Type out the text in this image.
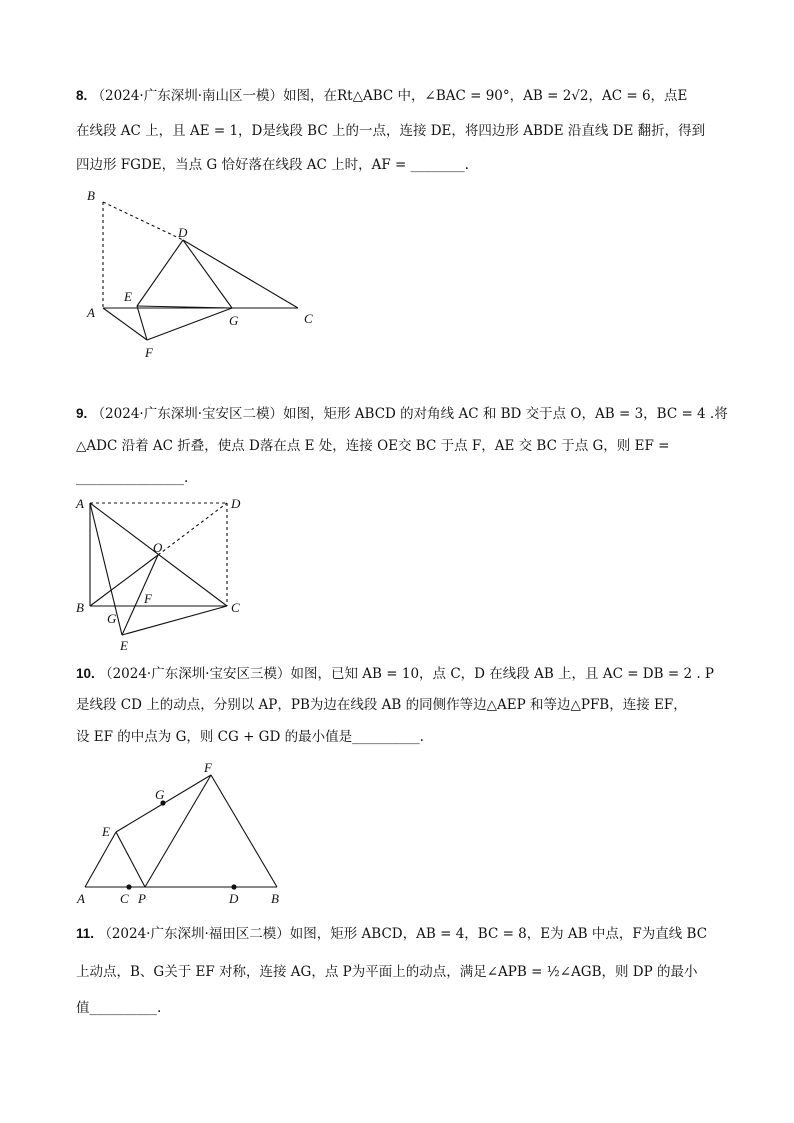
8. （2024·广东深圳·南山区一模）如图，在Rt△ABC 中，∠BAC = 90°，AB = 2√2，AC = 6，点E
在线段 AC 上，且 AE = 1，D是线段 BC 上的一点，连接 DE，将四边形 ABDE 沿直线 DE 翻折，得到
四边形 FGDE，当点 G 恰好落在线段 AC 上时，AF = ________.
B
D
E
A
G	C
F
9. （2024·广东深圳·宝安区二模）如图，矩形 ABCD 的对角线 AC 和 BD 交于点 O，AB = 3，BC = 4 .将
△ADC 沿着 AC 折叠，使点 D落在点 E 处，连接 OE交 BC 于点 F，AE 交 BC 于点 G，则 EF =
________________.
A	D
O
B
F
C
G
E
10. （2024·广东深圳·宝安区三模）如图，已知 AB = 10，点 C，D 在线段 AB 上，且 AC = DB = 2 . P
是线段 CD 上的动点，分别以 AP，PB为边在线段 AB 的同侧作等边△AEP 和等边△PFB，连接 EF，
设 EF 的中点为 G，则 CG + GD 的最小值是__________.
F
G
E
A	C P	D	B
11. （2024·广东深圳·福田区二模）如图，矩形 ABCD，AB = 4，BC = 8，E为 AB 中点，F为直线 BC
上动点，B、G关于 EF 对称，连接 AG，点 P为平面上的动点，满足∠APB = ½∠AGB，则 DP 的最小
值__________.
